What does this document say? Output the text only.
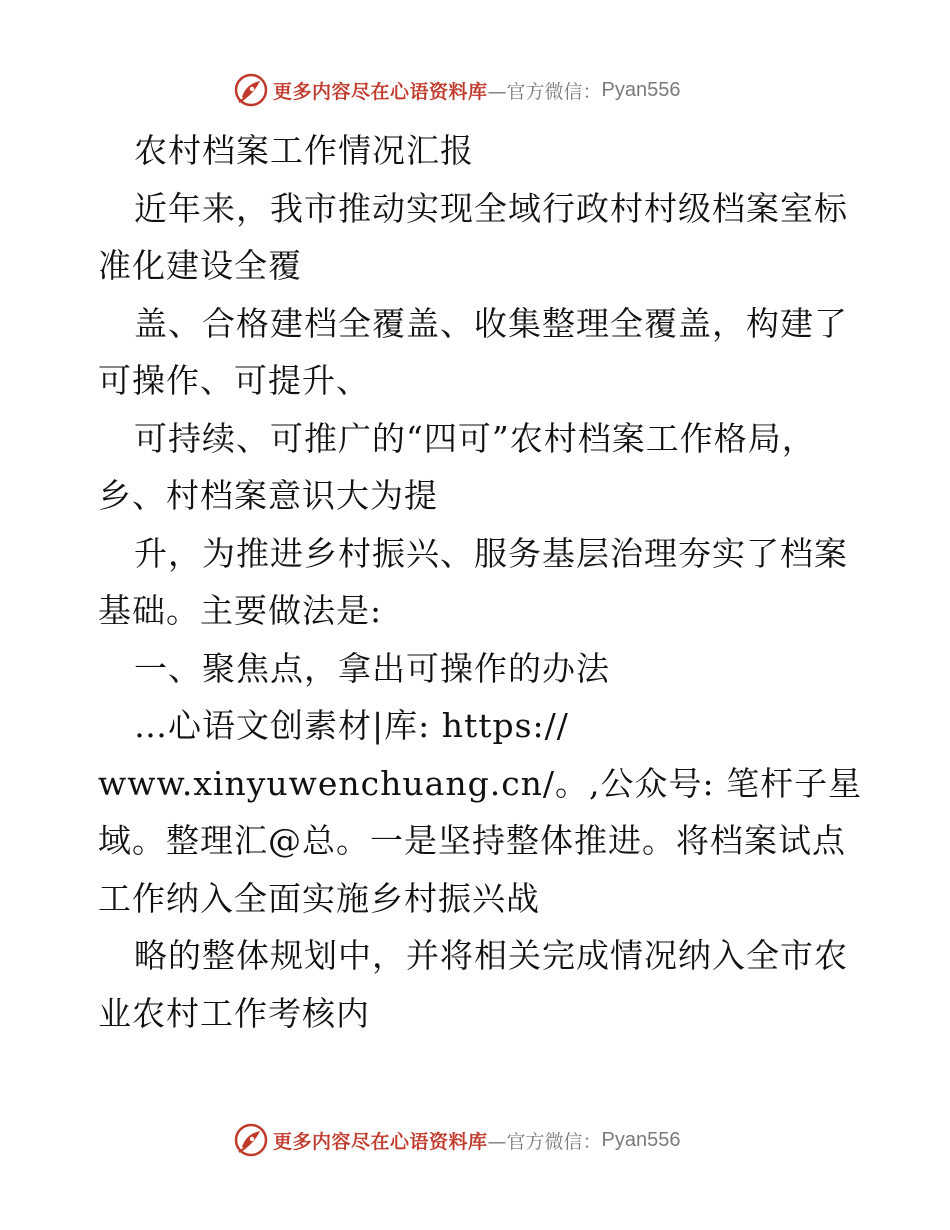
更多内容尽在心语资料库 —官方微信： Pyan556
农村档案工作情况汇报
近年来，我市推动实现全域行政村村级档案室标
准化建设全覆
盖、合格建档全覆盖、收集整理全覆盖，构建了
可操作、可提升、
可持续、可推广的“四可”农村档案工作格局，
乡、村档案意识大为提
升，为推进乡村振兴、服务基层治理夯实了档案
基础。主要做法是:
一、聚焦点，拿出可操作的办法
…心语文创素材|库: https://
www.xinyuwenchuang.cn/。,公众号: 笔杆子星
域。整理汇@总。一是坚持整体推进。将档案试点
工作纳入全面实施乡村振兴战
略的整体规划中，并将相关完成情况纳入全市农
业农村工作考核内
更多内容尽在心语资料库 —官方微信： Pyan556
